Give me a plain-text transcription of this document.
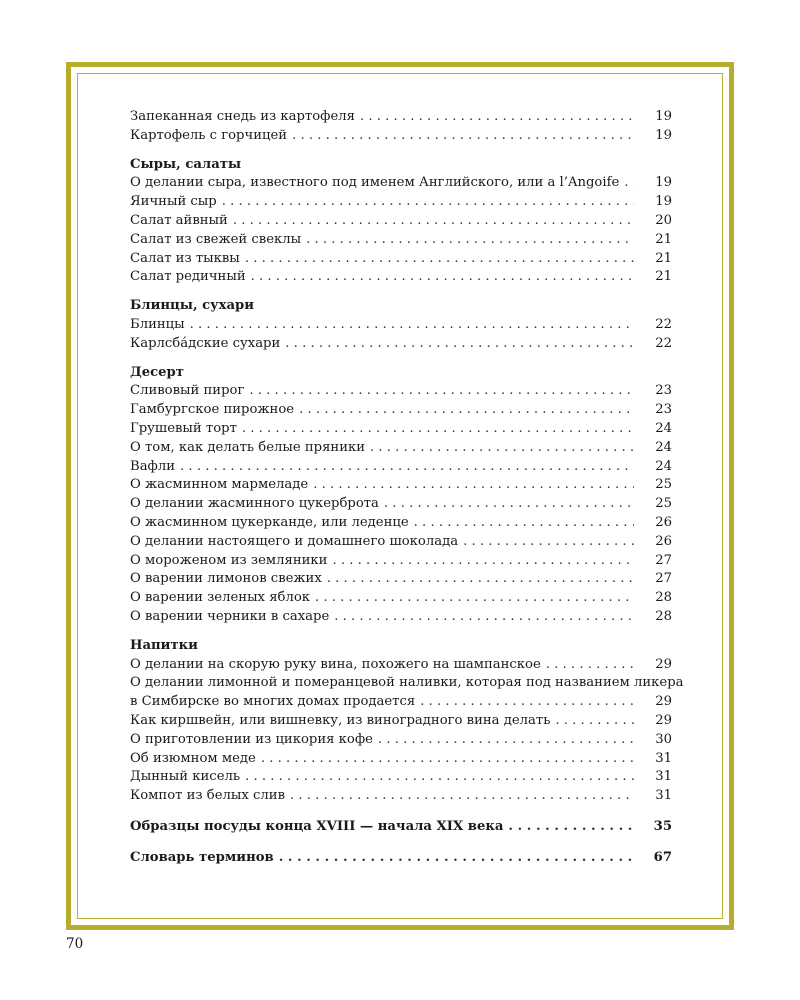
Запеканная снедь из картофеля . . .	19
Картофель с горчицей . . .	19
Сыры, салаты
О делании сыра, известного под именем Английского, или a l’Angoife . . .	19
Яичный сыр . . .	19
Салат айвный . . .	20
Салат из свежей свеклы . . .	21
Салат из тыквы . . .	21
Салат редичный . . .	21
Блинцы, сухари
Блинцы . . .	22
Карлсба́дские сухари . . .	22
Десерт
Сливовый пирог . . .	23
Гамбургское пирожное . . .	23
Грушевый торт . . .	24
О том, как делать белые пряники . . .	24
Вафли . . .	24
О жасминном мармеладе . . .	25
О делании жасминного цукерброта . . .	25
О жасминном цукерканде, или леденце . . .	26
О делании настоящего и домашнего шоколада . . .	26
О мороженом из земляники . . .	27
О варении лимонов свежих . . .	27
О варении зеленых яблок . . .	28
О варении черники в сахаре . . .	28
Напитки
О делании на скорую руку вина, похожего на шампанское . . .	29
О делании лимонной и померанцевой наливки, которая под названием ликера
в Симбирске во многих домах продается . . .	29
Как киршвейн, или вишневку, из виноградного вина делать . . .	29
О приготовлении из цикория кофе . . .	30
Об изюмном меде . . .	31
Дынный кисель . . .	31
Компот из белых слив . . .	31
Образцы посуды конца XVIII — начала XIX века . . .	35
Словарь терминов . . .	67
70
